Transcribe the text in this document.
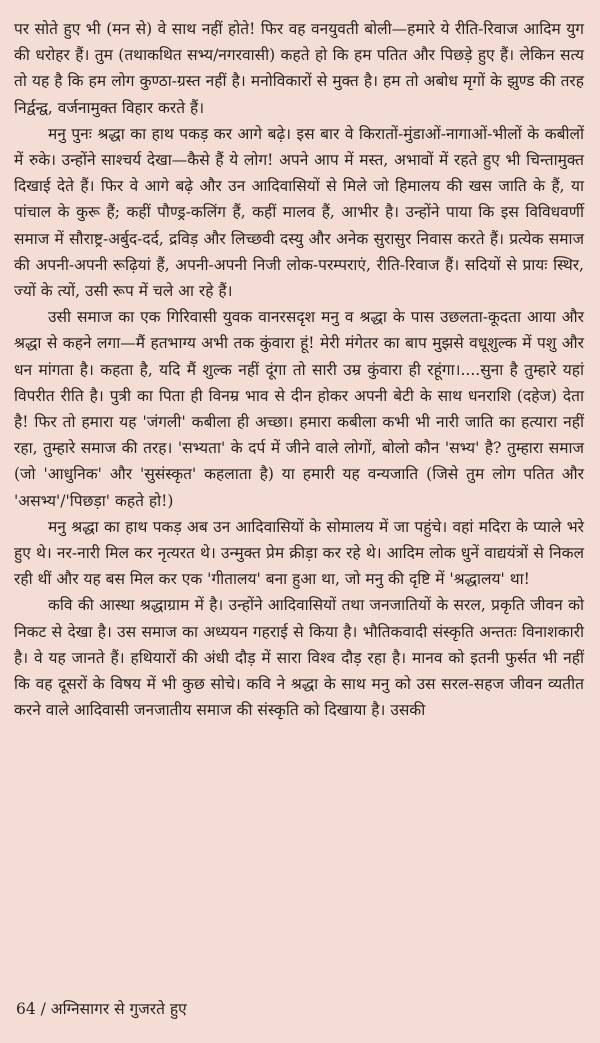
पर सोते हुए भी (मन से) वे साथ नहीं होते! फिर वह वनयुवती बोली—हमारे ये रीति-रिवाज आदिम युग की धरोहर हैं। तुम (तथाकथित सभ्य/नगरवासी) कहते हो कि हम पतित और पिछड़े हुए हैं। लेकिन सत्य तो यह है कि हम लोग कुण्ठा-ग्रस्त नहीं है। मनोविकारों से मुक्त है। हम तो अबोध मृगों के झुण्ड की तरह निर्द्वन्द्व, वर्जनामुक्त विहार करते हैं।

मनु पुनः श्रद्धा का हाथ पकड़ कर आगे बढ़े। इस बार वे किरातों-मुंडाओं-नागाओं-भीलों के कबीलों में रुके। उन्होंने साश्चर्य देखा—कैसे हैं ये लोग! अपने आप में मस्त, अभावों में रहते हुए भी चिन्तामुक्त दिखाई देते हैं। फिर वे आगे बढ़े और उन आदिवासियों से मिले जो हिमालय की खस जाति के हैं, या पांचाल के कुरू हैं; कहीं पौण्ड्र-कलिंग हैं, कहीं मालव हैं, आभीर है। उन्होंने पाया कि इस विविधवर्णी समाज में सौराष्ट्र-अर्बुद-दर्द, द्रविड़ और लिच्छवी दस्यु और अनेक सुरासुर निवास करते हैं। प्रत्येक समाज की अपनी-अपनी रूढ़ियां हैं, अपनी-अपनी निजी लोक-परम्पराएं, रीति-रिवाज हैं। सदियों से प्रायः स्थिर, ज्यों के त्यों, उसी रूप में चले आ रहे हैं।

उसी समाज का एक गिरिवासी युवक वानरसदृश मनु व श्रद्धा के पास उछलता-कूदता आया और श्रद्धा से कहने लगा—मैं हतभाग्य अभी तक कुंवारा हूं! मेरी मंगेतर का बाप मुझसे वधूशुल्क में पशु और धन मांगता है। कहता है, यदि मैं शुल्क नहीं दूंगा तो सारी उम्र कुंवारा ही रहूंगा।....सुना है तुम्हारे यहां विपरीत रीति है। पुत्री का पिता ही विनम्र भाव से दीन होकर अपनी बेटी के साथ धनराशि (दहेज) देता है! फिर तो हमारा यह 'जंगली' कबीला ही अच्छा। हमारा कबीला कभी भी नारी जाति का हत्यारा नहीं रहा, तुम्हारे समाज की तरह। 'सभ्यता' के दर्प में जीने वाले लोगों, बोलो कौन 'सभ्य' है? तुम्हारा समाज (जो 'आधुनिक' और 'सुसंस्कृत' कहलाता है) या हमारी यह वन्यजाति (जिसे तुम लोग पतित और 'असभ्य'/'पिछड़ा' कहते हो!)

मनु श्रद्धा का हाथ पकड़ अब उन आदिवासियों के सोमालय में जा पहुंचे। वहां मदिरा के प्याले भरे हुए थे। नर-नारी मिल कर नृत्यरत थे। उन्मुक्त प्रेम क्रीड़ा कर रहे थे। आदिम लोक धुनें वाद्ययंत्रों से निकल रही थीं और यह बस मिल कर एक 'गीतालय' बना हुआ था, जो मनु की दृष्टि में 'श्रद्धालय' था!

कवि की आस्था श्रद्धाग्राम में है। उन्होंने आदिवासियों तथा जनजातियों के सरल, प्रकृति जीवन को निकट से देखा है। उस समाज का अध्ययन गहराई से किया है। भौतिकवादी संस्कृति अन्ततः विनाशकारी है। वे यह जानते हैं। हथियारों की अंधी दौड़ में सारा विश्व दौड़ रहा है। मानव को इतनी फुर्सत भी नहीं कि वह दूसरों के विषय में भी कुछ सोचे। कवि ने श्रद्धा के साथ मनु को उस सरल-सहज जीवन व्यतीत करने वाले आदिवासी जनजातीय समाज की संस्कृति को दिखाया है। उसकी

64 / अग्निसागर से गुजरते हुए
